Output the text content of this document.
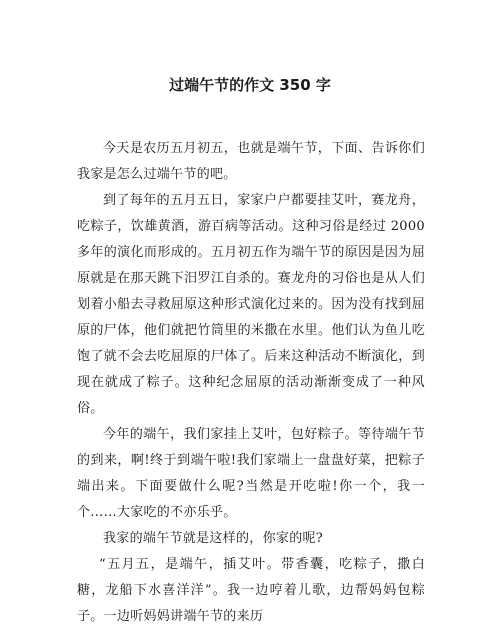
过端午节的作文 350 字

今天是农历五月初五，也就是端午节，下面、告诉你们我家是怎么过端午节的吧。

到了每年的五月五日，家家户户都要挂艾叶，赛龙舟，吃粽子，饮雄黄酒，游百病等活动。这种习俗是经过 2000 多年的演化而形成的。五月初五作为端午节的原因是因为屈原就是在那天跳下汨罗江自杀的。赛龙舟的习俗也是从人们划着小船去寻救屈原这种形式演化过来的。因为没有找到屈原的尸体，他们就把竹筒里的米撒在水里。他们认为鱼儿吃饱了就不会去吃屈原的尸体了。后来这种活动不断演化，到现在就成了粽子。这种纪念屈原的活动渐渐变成了一种风俗。

今年的端午，我们家挂上艾叶，包好粽子。等待端午节的到来，啊!终于到端午啦!我们家端上一盘盘好菜，把粽子端出来。下面要做什么呢?当然是开吃啦!你一个，我一个……大家吃的不亦乐乎。

我家的端午节就是这样的，你家的呢?

“五月五，是端午，插艾叶。带香囊，吃粽子，撒白糖，龙船下水喜洋洋”。我一边哼着儿歌，边帮妈妈包粽子。一边听妈妈讲端午节的来历
